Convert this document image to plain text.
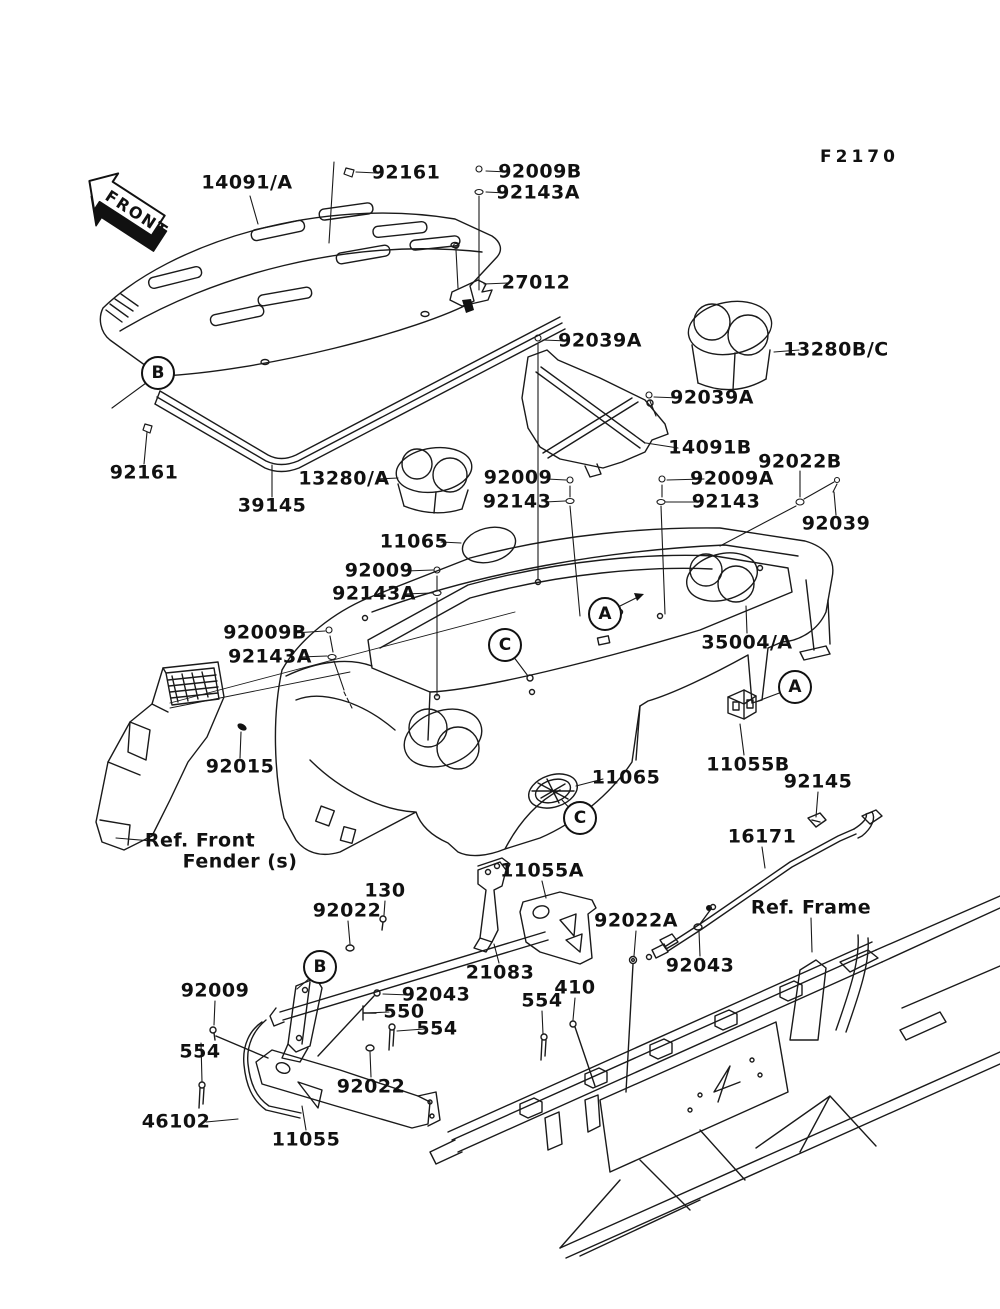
FRONT
F2170
14091/A	92161	92009B
92143A
27012
92039A	13280B/C
92039A
14091B
92022B
92009A
92143
92039
92009
92143
92161	13280/A
39145
11065
92009
92143A
92009B
92143A
35004/A
92015	11055B
11065	92145
16171
Ref. Front
Fender (s)
130
92022
11055A
92022A
Ref. Frame
21083	92043
92009	92043
550
554
554
410
554
92022
46102
11055
B
C
A
A
B
C
